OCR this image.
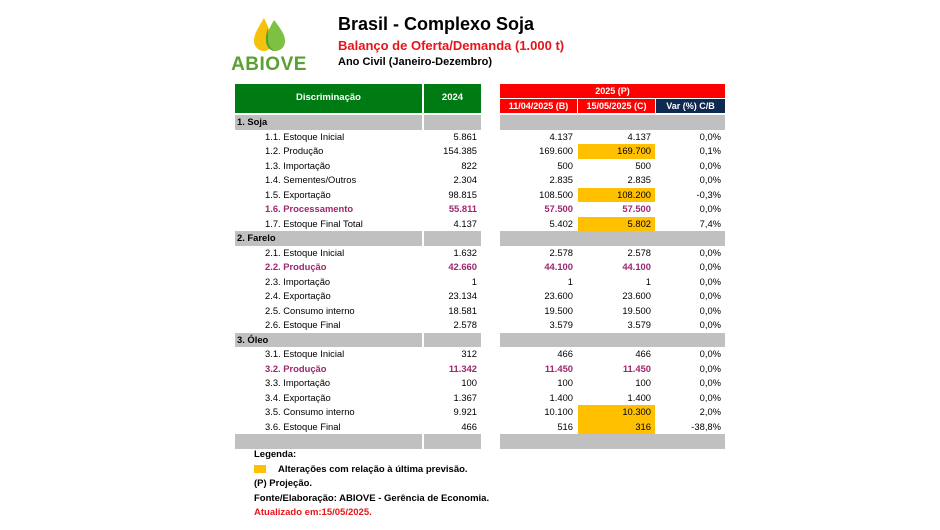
ABIOVE
Brasil - Complexo Soja
Balanço de Oferta/Demanda (1.000 t)
Ano Civil (Janeiro-Dezembro)
Discriminação	2024
2025 (P)
11/04/2025 (B)	15/05/2025 (C)	Var (%) C/B
1. Soja
1.1. Estoque Inicial	5.861	4.137	4.137	0,0%
1.2. Produção	154.385	169.600	169.700	0,1%
1.3. Importação	822	500	500	0,0%
1.4. Sementes/Outros	2.304	2.835	2.835	0,0%
1.5. Exportação	98.815	108.500	108.200	-0,3%
1.6. Processamento	55.811	57.500	57.500	0,0%
1.7. Estoque Final Total	4.137	5.402	5.802	7,4%
2. Farelo
2.1. Estoque Inicial	1.632	2.578	2.578	0,0%
2.2. Produção	42.660	44.100	44.100	0,0%
2.3. Importação	1	1	1	0,0%
2.4. Exportação	23.134	23.600	23.600	0,0%
2.5. Consumo interno	18.581	19.500	19.500	0,0%
2.6. Estoque Final	2.578	3.579	3.579	0,0%
3. Óleo
3.1. Estoque Inicial	312	466	466	0,0%
3.2. Produção	11.342	11.450	11.450	0,0%
3.3. Importação	100	100	100	0,0%
3.4. Exportação	1.367	1.400	1.400	0,0%
3.5. Consumo interno	9.921	10.100	10.300	2,0%
3.6. Estoque Final	466	516	316	-38,8%
Legenda:
Alterações com relação à última previsão.
(P) Projeção.
Fonte/Elaboração: ABIOVE - Gerência de Economia.
Atualizado em:15/05/2025.
